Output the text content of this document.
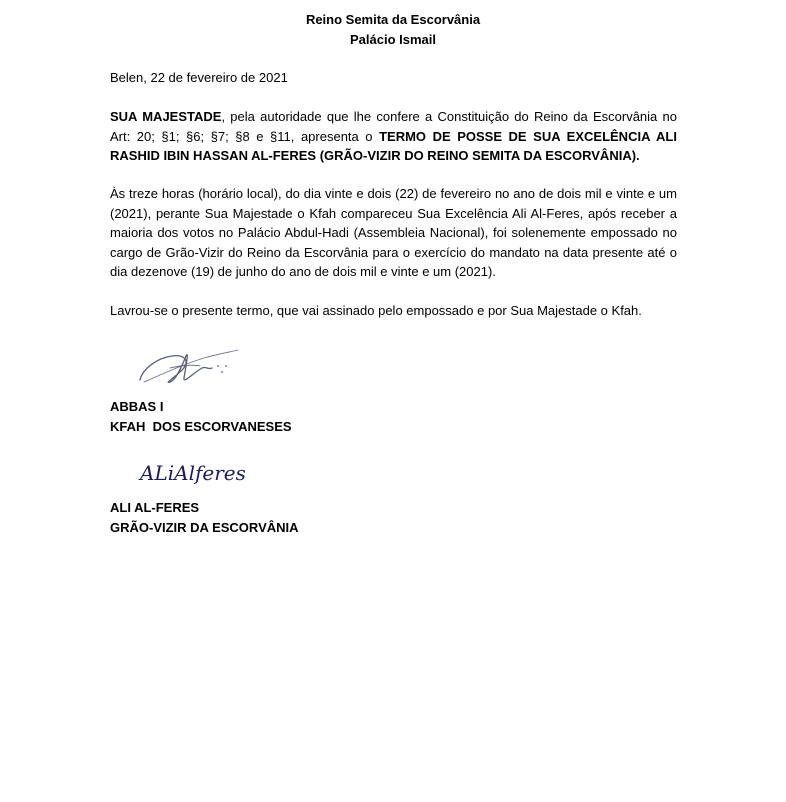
Reino Semita da Escorvânia
Palácio Ismail
Belen, 22 de fevereiro de 2021
SUA MAJESTADE, pela autoridade que lhe confere a Constituição do Reino da Escorvânia no Art: 20; §1; §6; §7; §8 e §11, apresenta o TERMO DE POSSE DE SUA EXCELÊNCIA ALI RASHID IBIN HASSAN AL-FERES (GRÃO-VIZIR DO REINO SEMITA DA ESCORVÂNIA).
Às treze horas (horário local), do dia vinte e dois (22) de fevereiro no ano de dois mil e vinte e um (2021), perante Sua Majestade o Kfah compareceu Sua Excelência Ali Al-Feres, após receber a maioria dos votos no Palácio Abdul-Hadi (Assembleia Nacional), foi solenemente empossado no cargo de Grão-Vizir do Reino da Escorvânia para o exercício do mandato na data presente até o dia dezenove (19) de junho do ano de dois mil e vinte e um (2021).
Lavrou-se o presente termo, que vai assinado pelo empossado e por Sua Majestade o Kfah.
ABBAS I
KFAH  DOS ESCORVANESES
ALiAlferes
ALI AL-FERES
GRÃO-VIZIR DA ESCORVÂNIA
